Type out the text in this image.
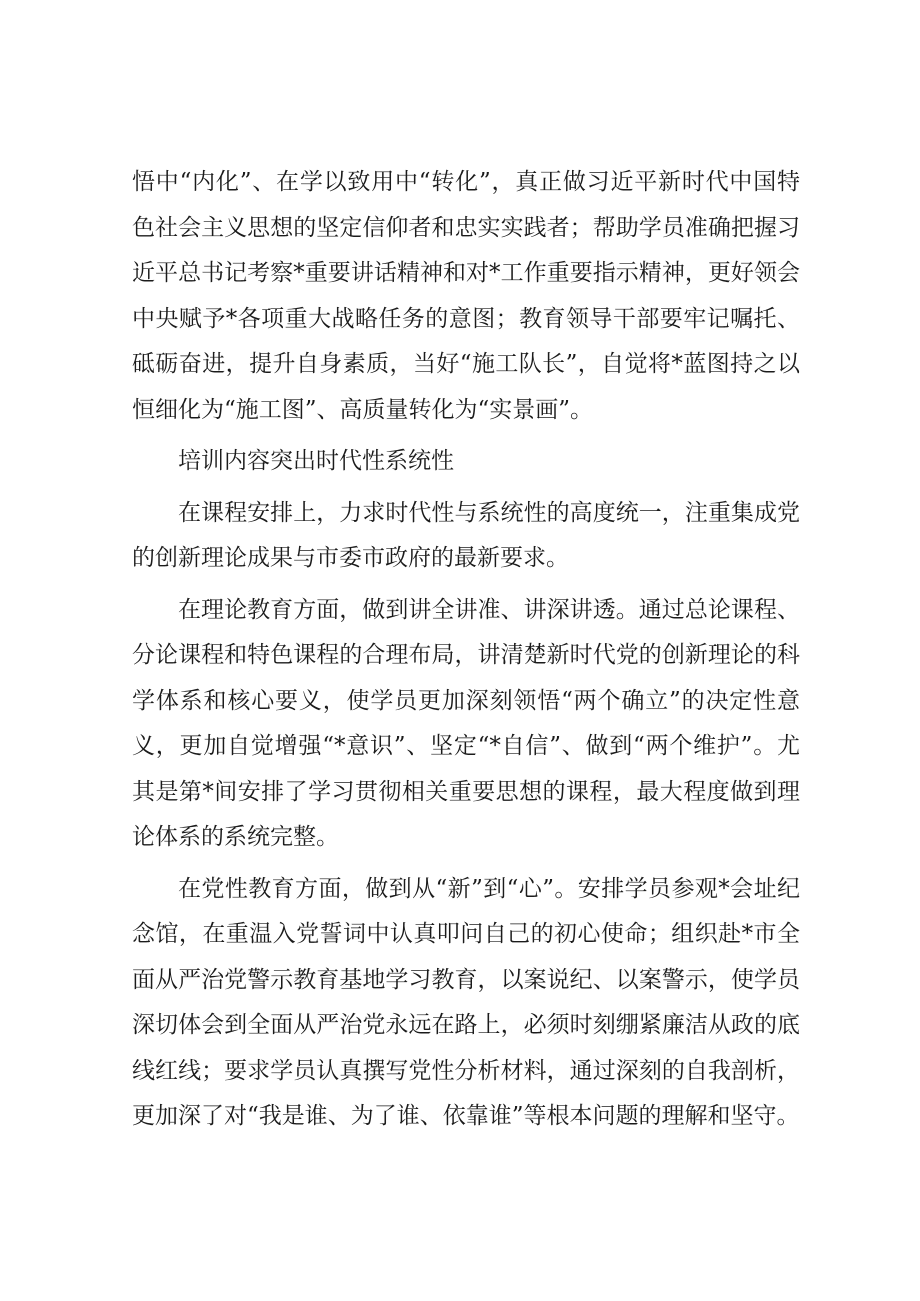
悟中“内化”、在学以致用中“转化”，真正做习近平新时代中国特色社会主义思想的坚定信仰者和忠实实践者；帮助学员准确把握习近平总书记考察*重要讲话精神和对*工作重要指示精神，更好领会中央赋予*各项重大战略任务的意图；教育领导干部要牢记嘱托、砥砺奋进，提升自身素质，当好“施工队长”，自觉将*蓝图持之以恒细化为“施工图”、高质量转化为“实景画”。

培训内容突出时代性系统性

在课程安排上，力求时代性与系统性的高度统一，注重集成党的创新理论成果与市委市政府的最新要求。

在理论教育方面，做到讲全讲准、讲深讲透。通过总论课程、分论课程和特色课程的合理布局，讲清楚新时代党的创新理论的科学体系和核心要义，使学员更加深刻领悟“两个确立”的决定性意义，更加自觉增强“*意识”、坚定“*自信”、做到“两个维护”。尤其是第*间安排了学习贯彻相关重要思想的课程，最大程度做到理论体系的系统完整。

在党性教育方面，做到从“新”到“心”。安排学员参观*会址纪念馆，在重温入党誓词中认真叩问自己的初心使命；组织赴*市全面从严治党警示教育基地学习教育，以案说纪、以案警示，使学员深切体会到全面从严治党永远在路上，必须时刻绷紧廉洁从政的底线红线；要求学员认真撰写党性分析材料，通过深刻的自我剖析，更加深了对“我是谁、为了谁、依靠谁”等根本问题的理解和坚守。
